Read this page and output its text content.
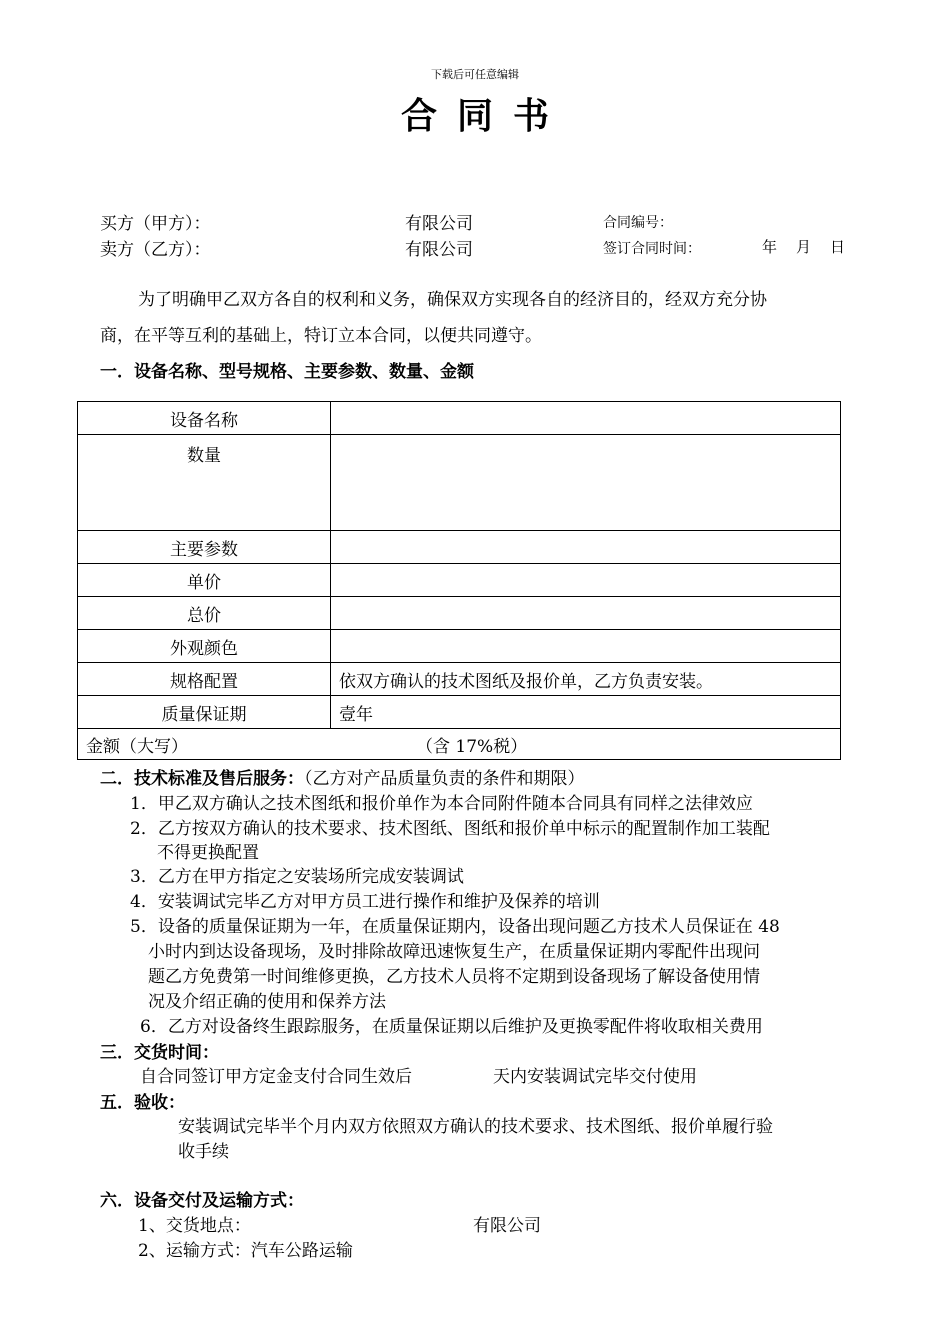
下载后可任意编辑
合同书
买方（甲方）：	有限公司	合同编号：
卖方（乙方）：	有限公司	签订合同时间：	年 月 日
为了明确甲乙双方各自的权利和义务，确保双方实现各自的经济目的，经双方充分协
商，在平等互利的基础上，特订立本合同，以便共同遵守。
一．设备名称、型号规格、主要参数、数量、金额
设备名称	
数量	
主要参数	
单价	
总价	
外观颜色	
规格配置	依双方确认的技术图纸及报价单，乙方负责安装。
质量保证期	壹年
金额（大写） （含 17%税）	
二．技术标准及售后服务：（乙方对产品质量负责的条件和期限）
1．甲乙双方确认之技术图纸和报价单作为本合同附件随本合同具有同样之法律效应
2．乙方按双方确认的技术要求、技术图纸、图纸和报价单中标示的配置制作加工装配
不得更换配置
3．乙方在甲方指定之安装场所完成安装调试
4．安装调试完毕乙方对甲方员工进行操作和维护及保养的培训
5．设备的质量保证期为一年，在质量保证期内，设备出现问题乙方技术人员保证在 48
小时内到达设备现场，及时排除故障迅速恢复生产，在质量保证期内零配件出现问
题乙方免费第一时间维修更换，乙方技术人员将不定期到设备现场了解设备使用情
况及介绍正确的使用和保养方法
6．乙方对设备终生跟踪服务，在质量保证期以后维护及更换零配件将收取相关费用
三．交货时间：
自合同签订甲方定金支付合同生效后	天内安装调试完毕交付使用
五．验收：
安装调试完毕半个月内双方依照双方确认的技术要求、技术图纸、报价单履行验
收手续
六．设备交付及运输方式：
1、交货地点：	有限公司
2、运输方式：汽车公路运输
